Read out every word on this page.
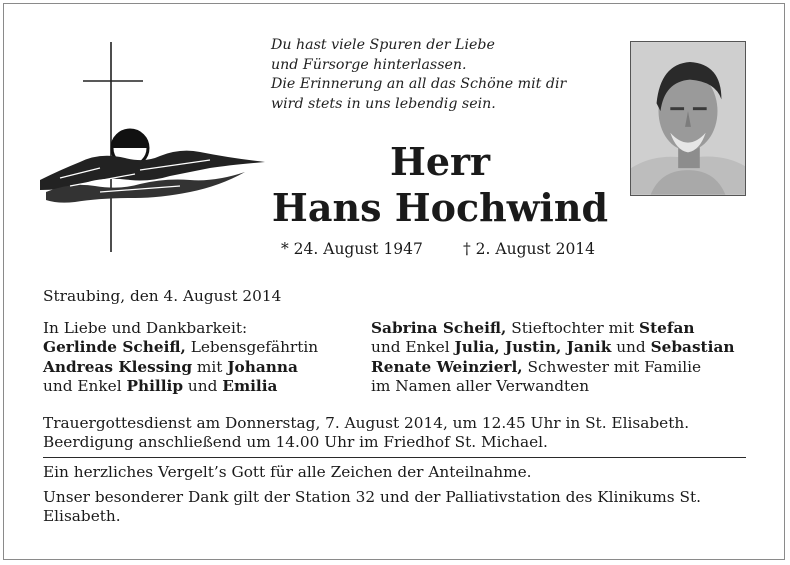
Du hast viele Spuren der Liebe
und Fürsorge hinterlassen.
Die Erinnerung an all das Schöne mit dir
wird stets in uns lebendig sein.
Herr
Hans Hochwind
* 24. August 1947	† 2. August 2014
Straubing, den 4. August 2014
In Liebe und Dankbarkeit:
Gerlinde Scheifl, Lebensgefährtin
Andreas Klessing mit Johanna
und Enkel Phillip und Emilia
Sabrina Scheifl, Stieftochter mit Stefan
und Enkel Julia, Justin, Janik und Sebastian
Renate Weinzierl, Schwester mit Familie
im Namen aller Verwandten
Trauergottesdienst am Donnerstag, 7. August 2014, um 12.45 Uhr in St. Elisabeth.
Beerdigung anschließend um 14.00 Uhr im Friedhof St. Michael.
Ein herzliches Vergelt’s Gott für alle Zeichen der Anteilnahme.
Unser besonderer Dank gilt der Station 32 und der Palliativstation des Klinikums St. Elisabeth.
